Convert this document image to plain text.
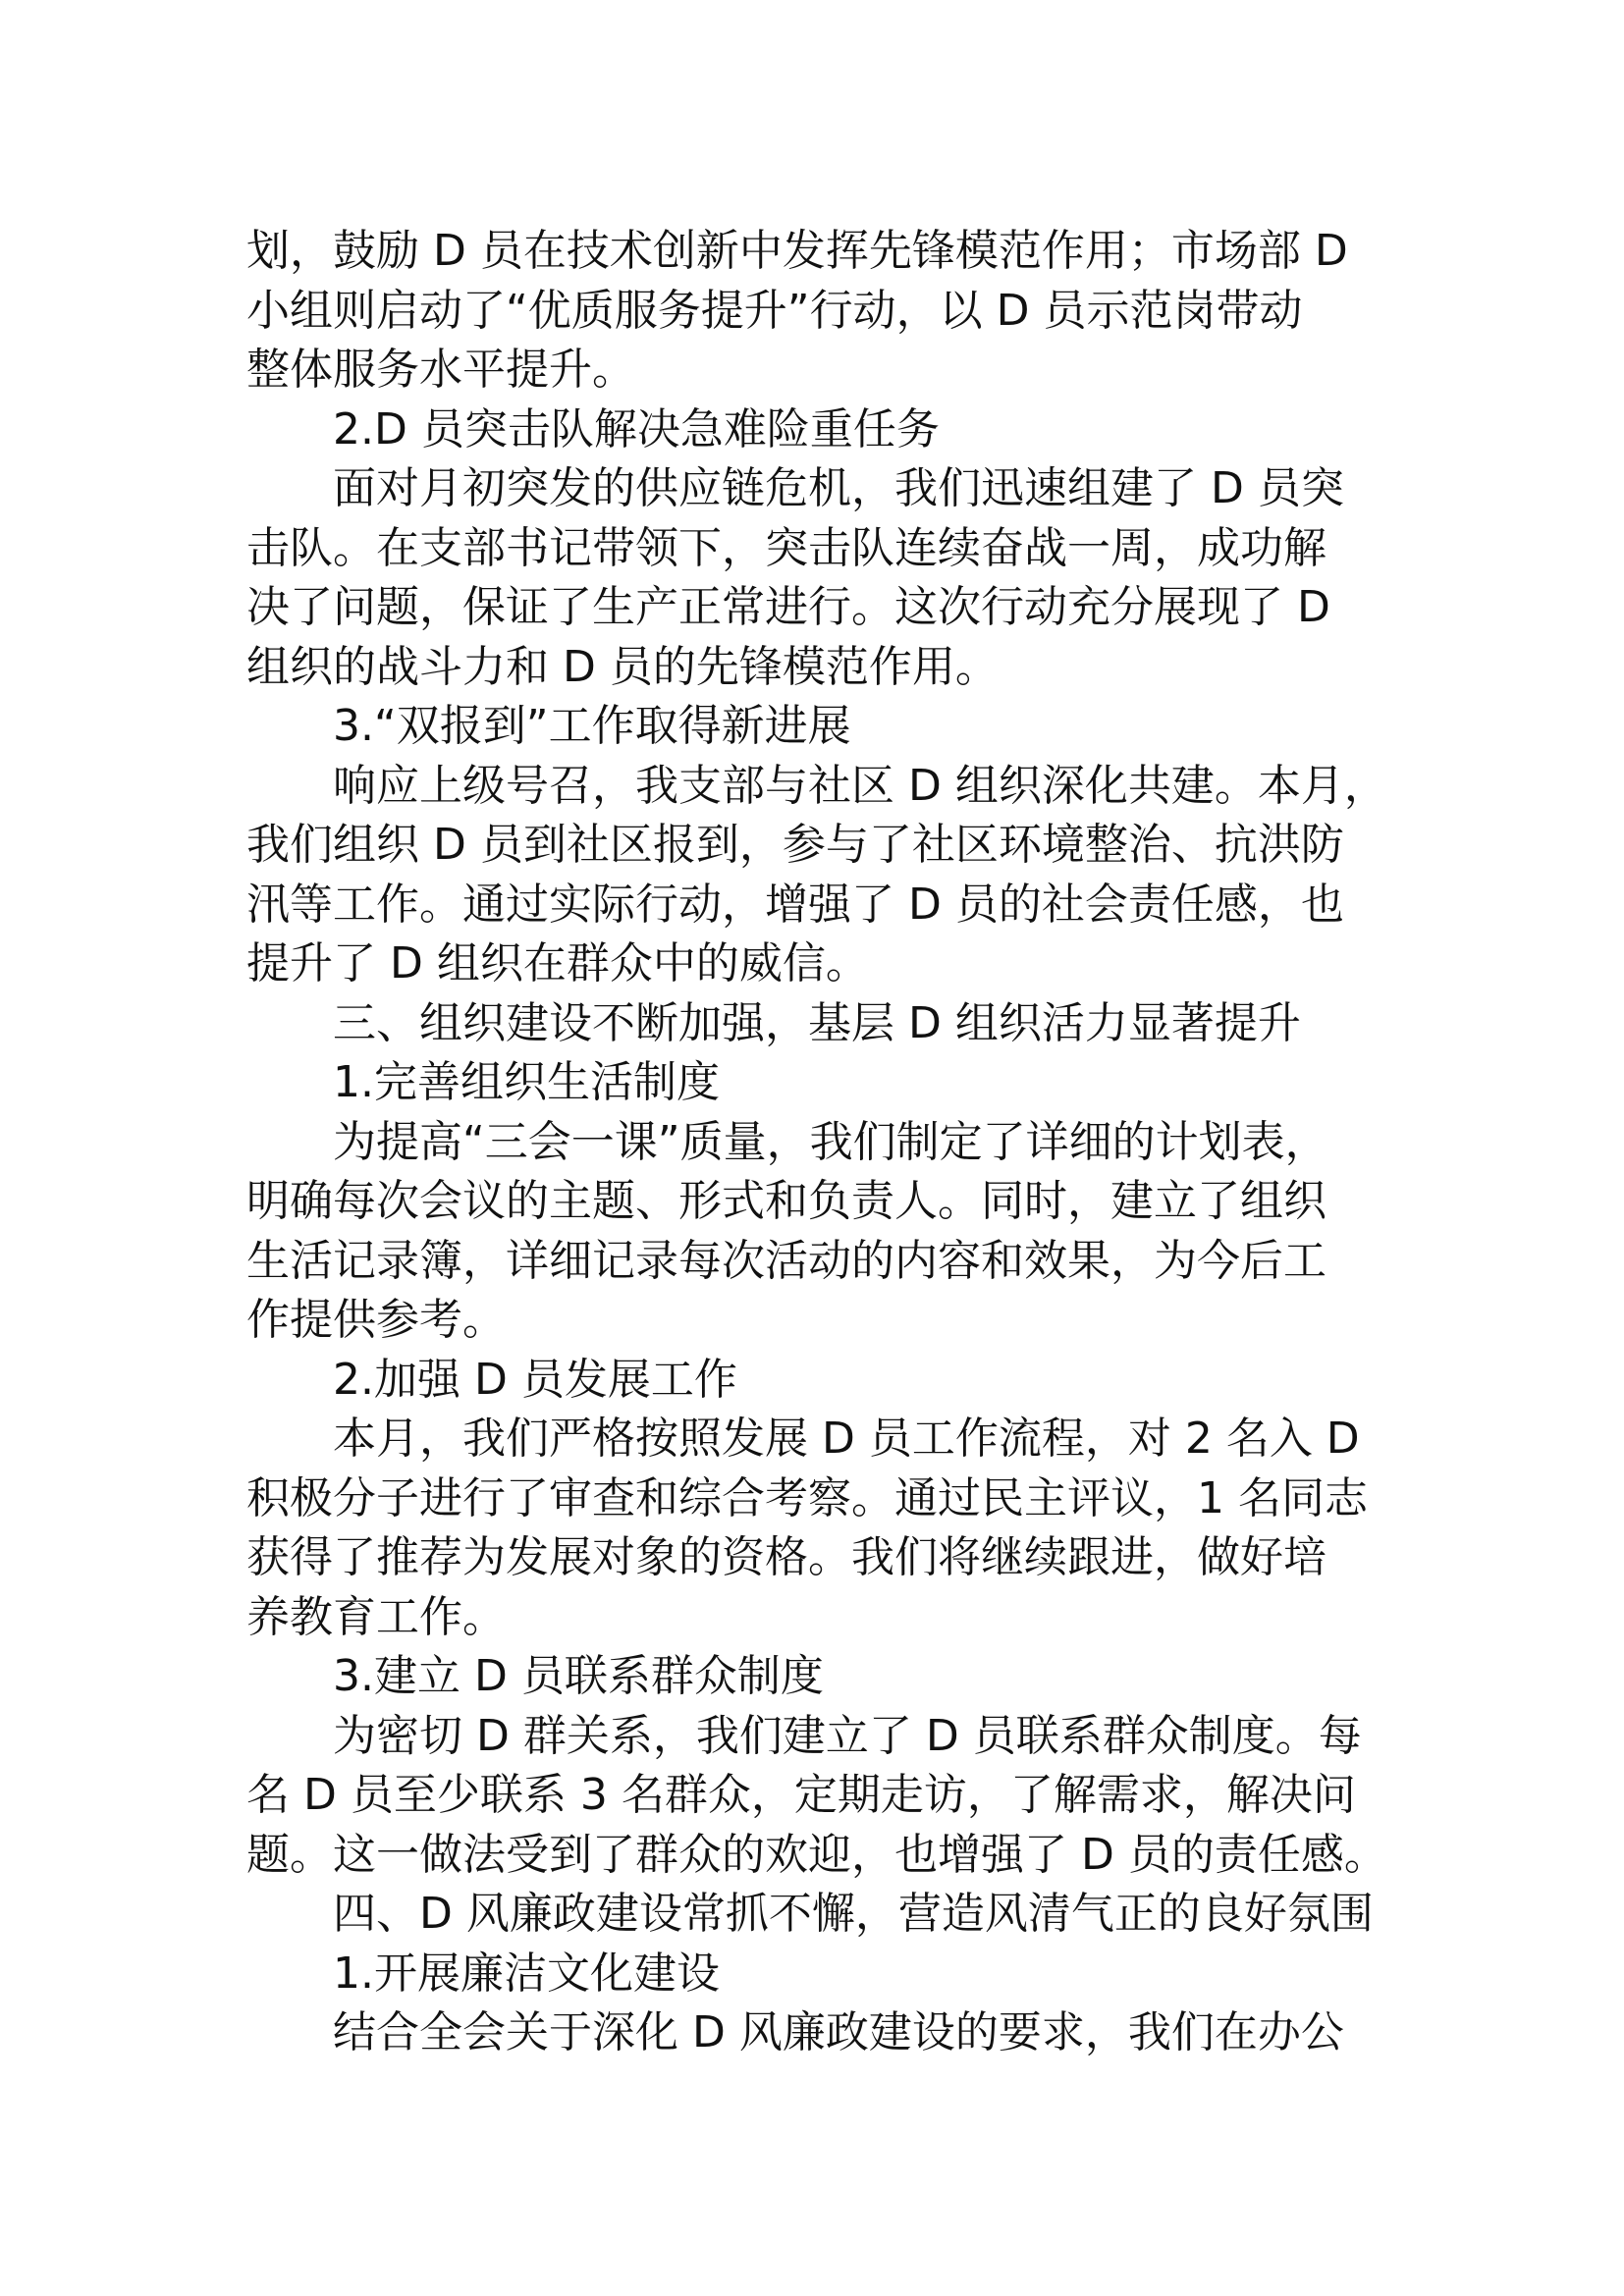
划，鼓励 D 员在技术创新中发挥先锋模范作用；市场部 D
小组则启动了“优质服务提升”行动，以 D 员示范岗带动
整体服务水平提升。
2.D 员突击队解决急难险重任务
面对月初突发的供应链危机，我们迅速组建了 D 员突
击队。在支部书记带领下，突击队连续奋战一周，成功解
决了问题，保证了生产正常进行。这次行动充分展现了 D
组织的战斗力和 D 员的先锋模范作用。
3.“双报到”工作取得新进展
响应上级号召，我支部与社区 D 组织深化共建。本月，
我们组织 D 员到社区报到，参与了社区环境整治、抗洪防
汛等工作。通过实际行动，增强了 D 员的社会责任感，也
提升了 D 组织在群众中的威信。
三、组织建设不断加强，基层 D 组织活力显著提升
1.完善组织生活制度
为提高“三会一课”质量，我们制定了详细的计划表，
明确每次会议的主题、形式和负责人。同时，建立了组织
生活记录簿，详细记录每次活动的内容和效果，为今后工
作提供参考。
2.加强 D 员发展工作
本月，我们严格按照发展 D 员工作流程，对 2 名入 D
积极分子进行了审查和综合考察。通过民主评议，1 名同志
获得了推荐为发展对象的资格。我们将继续跟进，做好培
养教育工作。
3.建立 D 员联系群众制度
为密切 D 群关系，我们建立了 D 员联系群众制度。每
名 D 员至少联系 3 名群众，定期走访，了解需求，解决问
题。这一做法受到了群众的欢迎，也增强了 D 员的责任感。
四、D 风廉政建设常抓不懈，营造风清气正的良好氛围
1.开展廉洁文化建设
结合全会关于深化 D 风廉政建设的要求，我们在办公
